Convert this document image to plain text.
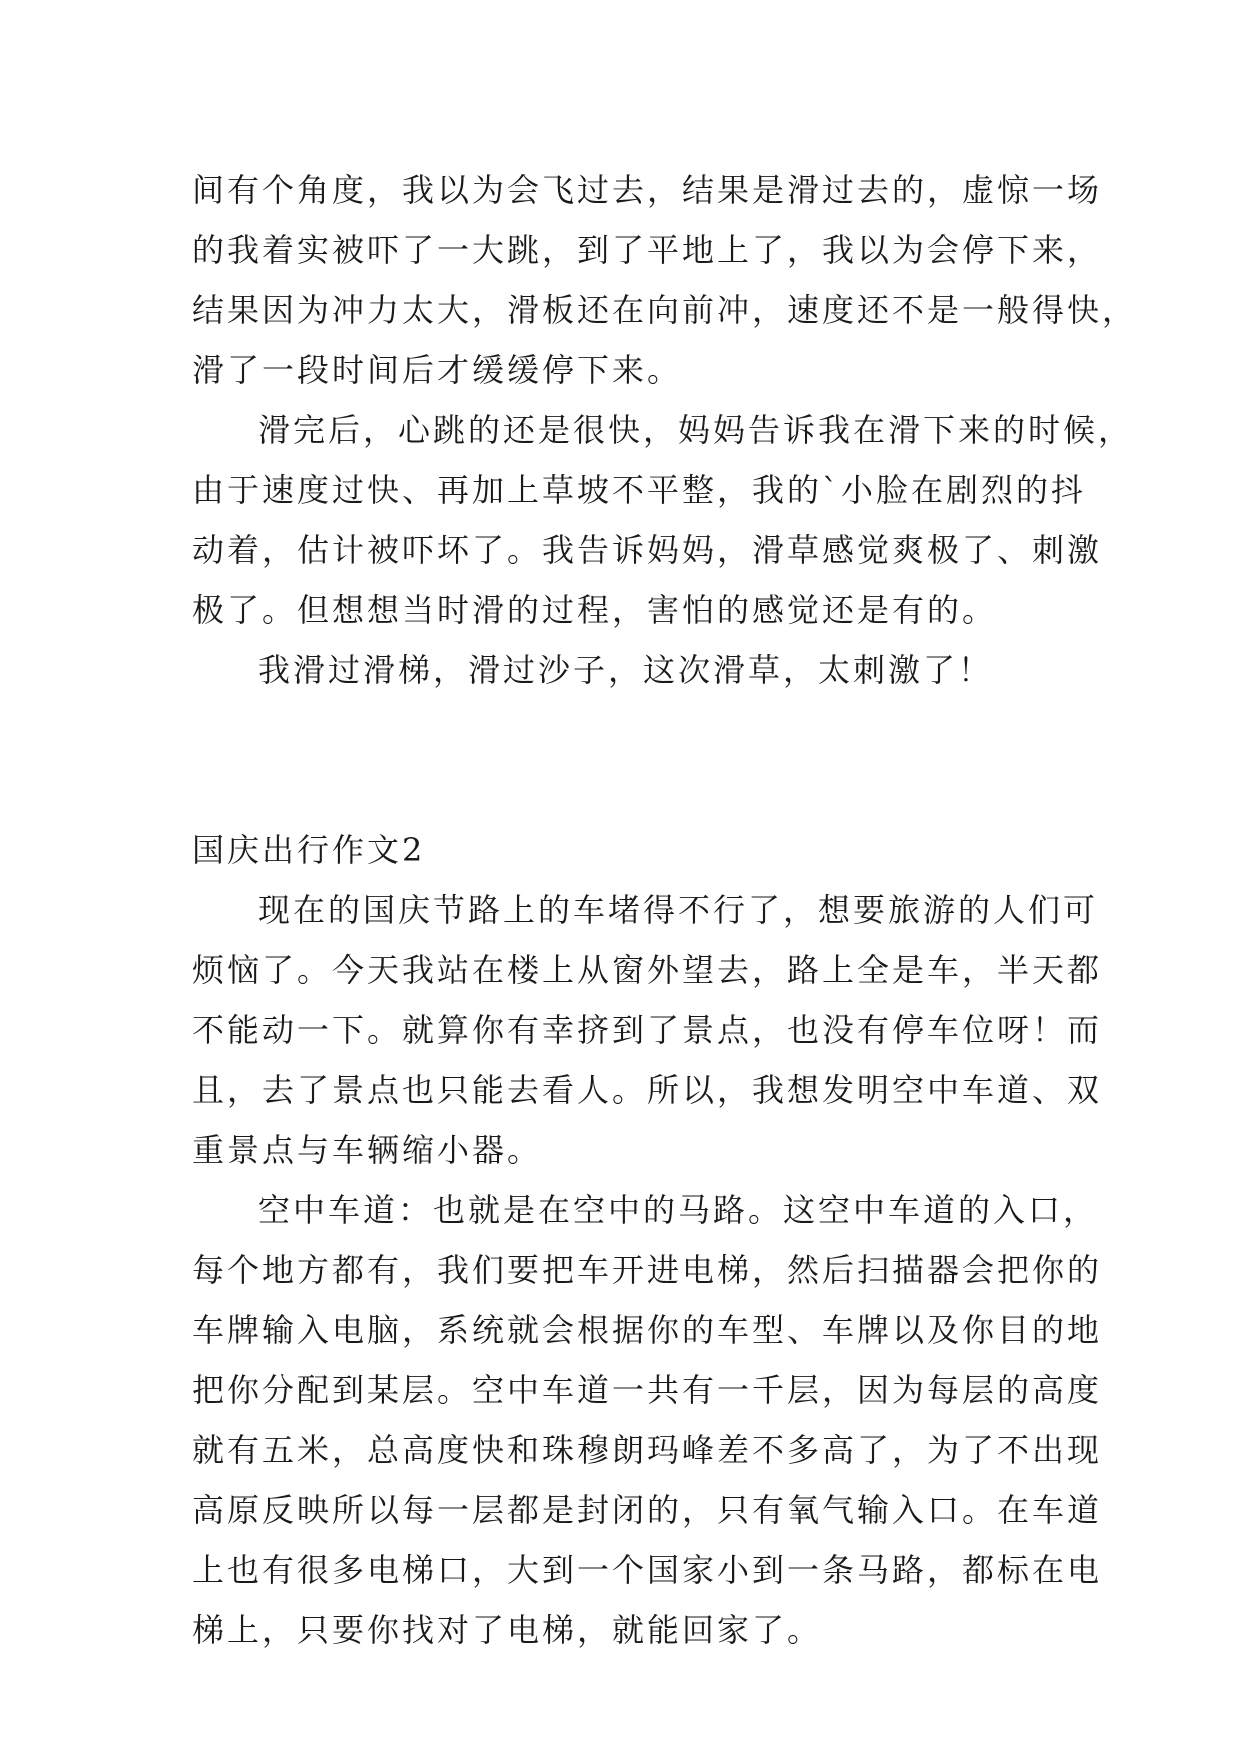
间有个角度，我以为会飞过去，结果是滑过去的，虚惊一场
的我着实被吓了一大跳，到了平地上了，我以为会停下来，
结果因为冲力太大，滑板还在向前冲，速度还不是一般得快，
滑了一段时间后才缓缓停下来。
滑完后，心跳的还是很快，妈妈告诉我在滑下来的时候，
由于速度过快、再加上草坡不平整，我的`小脸在剧烈的抖
动着，估计被吓坏了。我告诉妈妈，滑草感觉爽极了、刺激
极了。但想想当时滑的过程，害怕的感觉还是有的。
我滑过滑梯，滑过沙子，这次滑草，太刺激了！
国庆出行作文2
现在的国庆节路上的车堵得不行了，想要旅游的人们可
烦恼了。今天我站在楼上从窗外望去，路上全是车，半天都
不能动一下。就算你有幸挤到了景点，也没有停车位呀！而
且，去了景点也只能去看人。所以，我想发明空中车道、双
重景点与车辆缩小器。
空中车道：也就是在空中的马路。这空中车道的入口，
每个地方都有，我们要把车开进电梯，然后扫描器会把你的
车牌输入电脑，系统就会根据你的车型、车牌以及你目的地
把你分配到某层。空中车道一共有一千层，因为每层的高度
就有五米，总高度快和珠穆朗玛峰差不多高了，为了不出现
高原反映所以每一层都是封闭的，只有氧气输入口。在车道
上也有很多电梯口，大到一个国家小到一条马路，都标在电
梯上，只要你找对了电梯，就能回家了。
